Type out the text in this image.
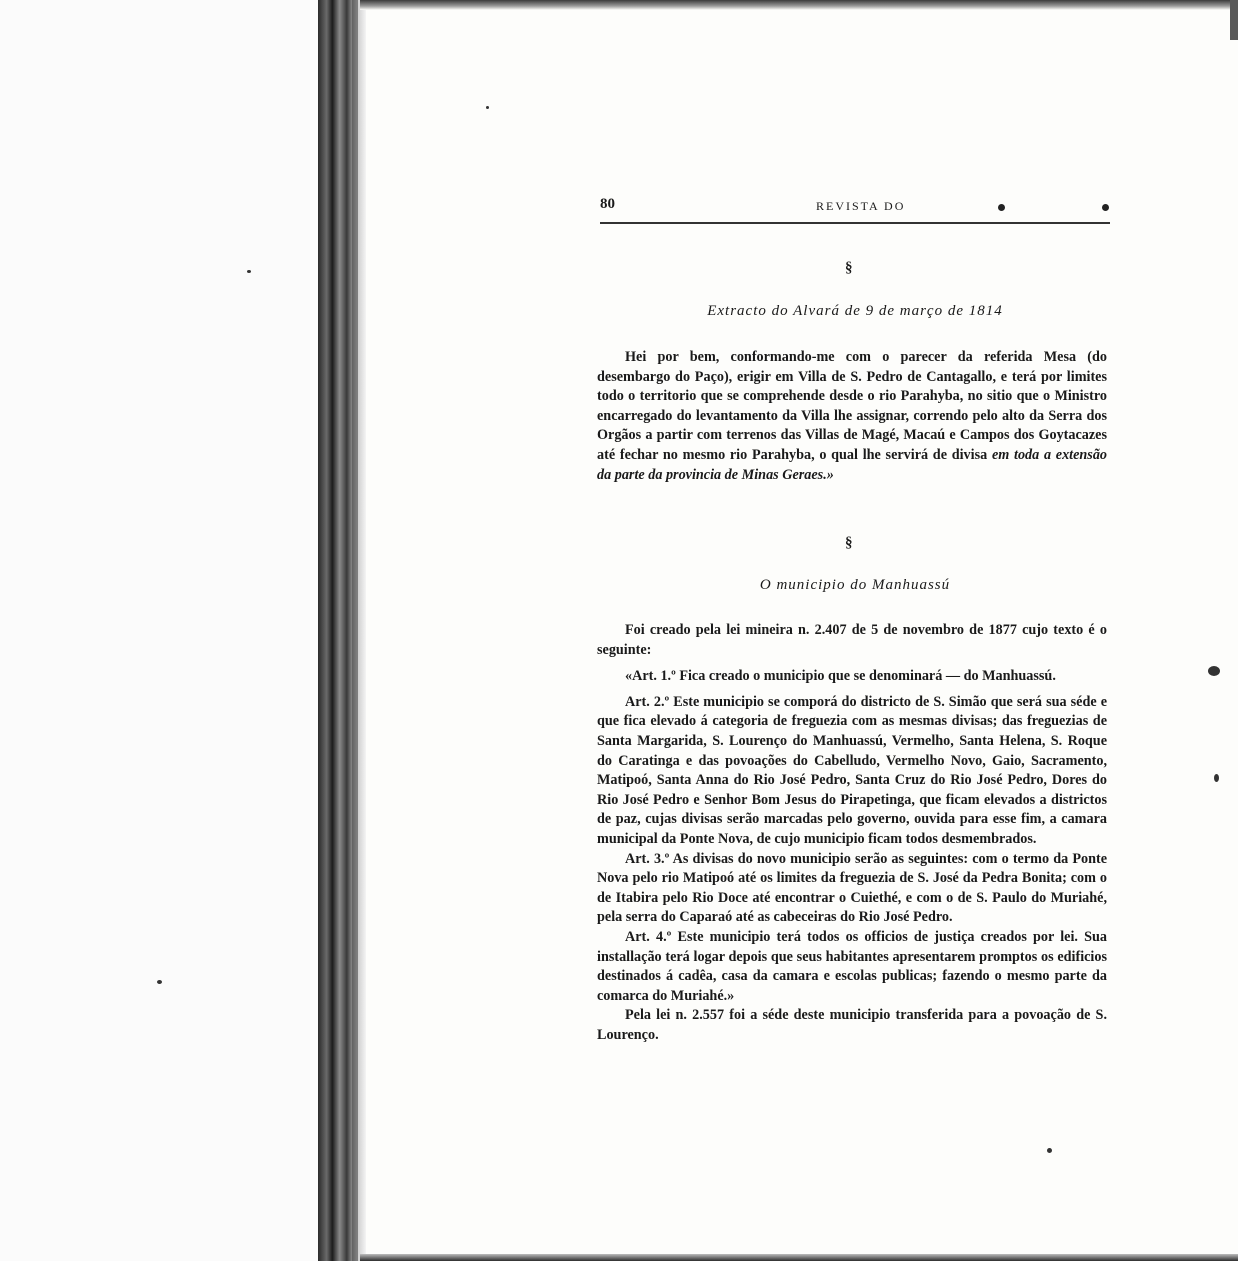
80	REVISTA DO
§
Extracto do Alvará de 9 de março de 1814

Hei por bem, conformando-me com o parecer da referida Mesa (do desembargo do Paço), erigir em Villa de S. Pedro de Cantagallo, e terá por limites todo o territorio que se comprehende desde o rio Parahyba, no sitio que o Ministro encarregado do levantamento da Villa lhe assignar, correndo pelo alto da Serra dos Orgãos a partir com terrenos das Villas de Magé, Macaú e Campos dos Goytacazes até fechar no mesmo rio Parahyba, o qual lhe servirá de divisa em toda a extensão da parte da provincia de Minas Geraes.»

§
O municipio do Manhuassú

Foi creado pela lei mineira n. 2.407 de 5 de novembro de 1877 cujo texto é o seguinte:

«Art. 1.º Fica creado o municipio que se denominará — do Manhuassú.

Art. 2.º Este municipio se comporá do districto de S. Simão que será sua séde e que fica elevado á categoria de freguezia com as mesmas divisas; das freguezias de Santa Margarida, S. Lourenço do Manhuassú, Vermelho, Santa Helena, S. Roque do Caratinga e das povoações do Cabelludo, Vermelho Novo, Gaio, Sacramento, Matipoó, Santa Anna do Rio José Pedro, Santa Cruz do Rio José Pedro, Dores do Rio José Pedro e Senhor Bom Jesus do Pirapetinga, que ficam elevados a districtos de paz, cujas divisas serão marcadas pelo governo, ouvida para esse fim, a camara municipal da Ponte Nova, de cujo municipio ficam todos desmembrados.

Art. 3.º As divisas do novo municipio serão as seguintes: com o termo da Ponte Nova pelo rio Matipoó até os limites da freguezia de S. José da Pedra Bonita; com o de Itabira pelo Rio Doce até encontrar o Cuiethé, e com o de S. Paulo do Muriahé, pela serra do Caparaó até as cabeceiras do Rio José Pedro.

Art. 4.º Este municipio terá todos os officios de justiça creados por lei. Sua installação terá logar depois que seus habitantes apresentarem promptos os edificios destinados á cadêa, casa da camara e escolas publicas; fazendo o mesmo parte da comarca do Muriahé.»

Pela lei n. 2.557 foi a séde deste municipio transferida para a povoação de S. Lourenço.
